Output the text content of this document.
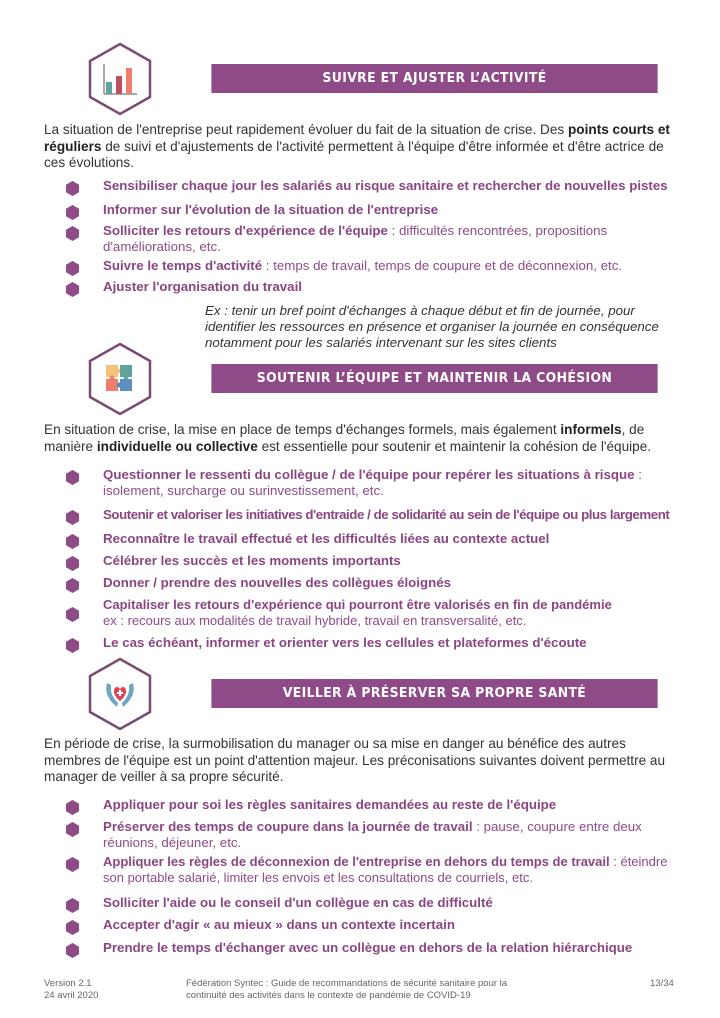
SUIVRE ET AJUSTER L’ACTIVITÉ

La situation de l'entreprise peut rapidement évoluer du fait de la situation de crise. Des points courts et réguliers de suivi et d'ajustements de l'activité permettent à l'équipe d'être informée et d'être actrice de ces évolutions.

Sensibiliser chaque jour les salariés au risque sanitaire et rechercher de nouvelles pistes
Informer sur l'évolution de la situation de l'entreprise
Solliciter les retours d'expérience de l'équipe : difficultés rencontrées, propositions d'améliorations, etc.
Suivre le temps d'activité : temps de travail, temps de coupure et de déconnexion, etc.
Ajuster l'organisation du travail
Ex : tenir un bref point d'échanges à chaque début et fin de journée, pour identifier les ressources en présence et organiser la journée en conséquence notamment pour les salariés intervenant sur les sites clients
SOUTENIR L’ÉQUIPE ET MAINTENIR LA COHÉSION

En situation de crise, la mise en place de temps d'échanges formels, mais également informels, de manière individuelle ou collective est essentielle pour soutenir et maintenir la cohésion de l'équipe.

Questionner le ressenti du collègue / de l'équipe pour repérer les situations à risque :
isolement, surcharge ou surinvestissement, etc.
Soutenir et valoriser les initiatives d'entraide / de solidarité au sein de l'équipe ou plus largement
Reconnaître le travail effectué et les difficultés liées au contexte actuel
Célébrer les succès et les moments importants
Donner / prendre des nouvelles des collègues éloignés
Capitaliser les retours d'expérience qui pourront être valorisés en fin de pandémie
ex : recours aux modalités de travail hybride, travail en transversalité, etc.
Le cas échéant, informer et orienter vers les cellules et plateformes d'écoute
VEILLER À PRÉSERVER SA PROPRE SANTÉ

En période de crise, la surmobilisation du manager ou sa mise en danger au bénéfice des autres membres de l'équipe est un point d'attention majeur. Les préconisations suivantes doivent permettre au manager de veiller à sa propre sécurité.

Appliquer pour soi les règles sanitaires demandées au reste de l'équipe
Préserver des temps de coupure dans la journée de travail : pause, coupure entre deux réunions, déjeuner, etc.
Appliquer les règles de déconnexion de l'entreprise en dehors du temps de travail : éteindre son portable salarié, limiter les envois et les consultations de courriels, etc.
Solliciter l'aide ou le conseil d'un collègue en cas de difficulté
Accepter d'agir « au mieux » dans un contexte incertain
Prendre le temps d'échanger avec un collègue en dehors de la relation hiérarchique
Version 2.1
24 avril 2020
Fédération Syntec : Guide de recommandations de sécurité sanitaire pour la
continuité des activités dans le contexte de pandémie de COVID-19
13/34
